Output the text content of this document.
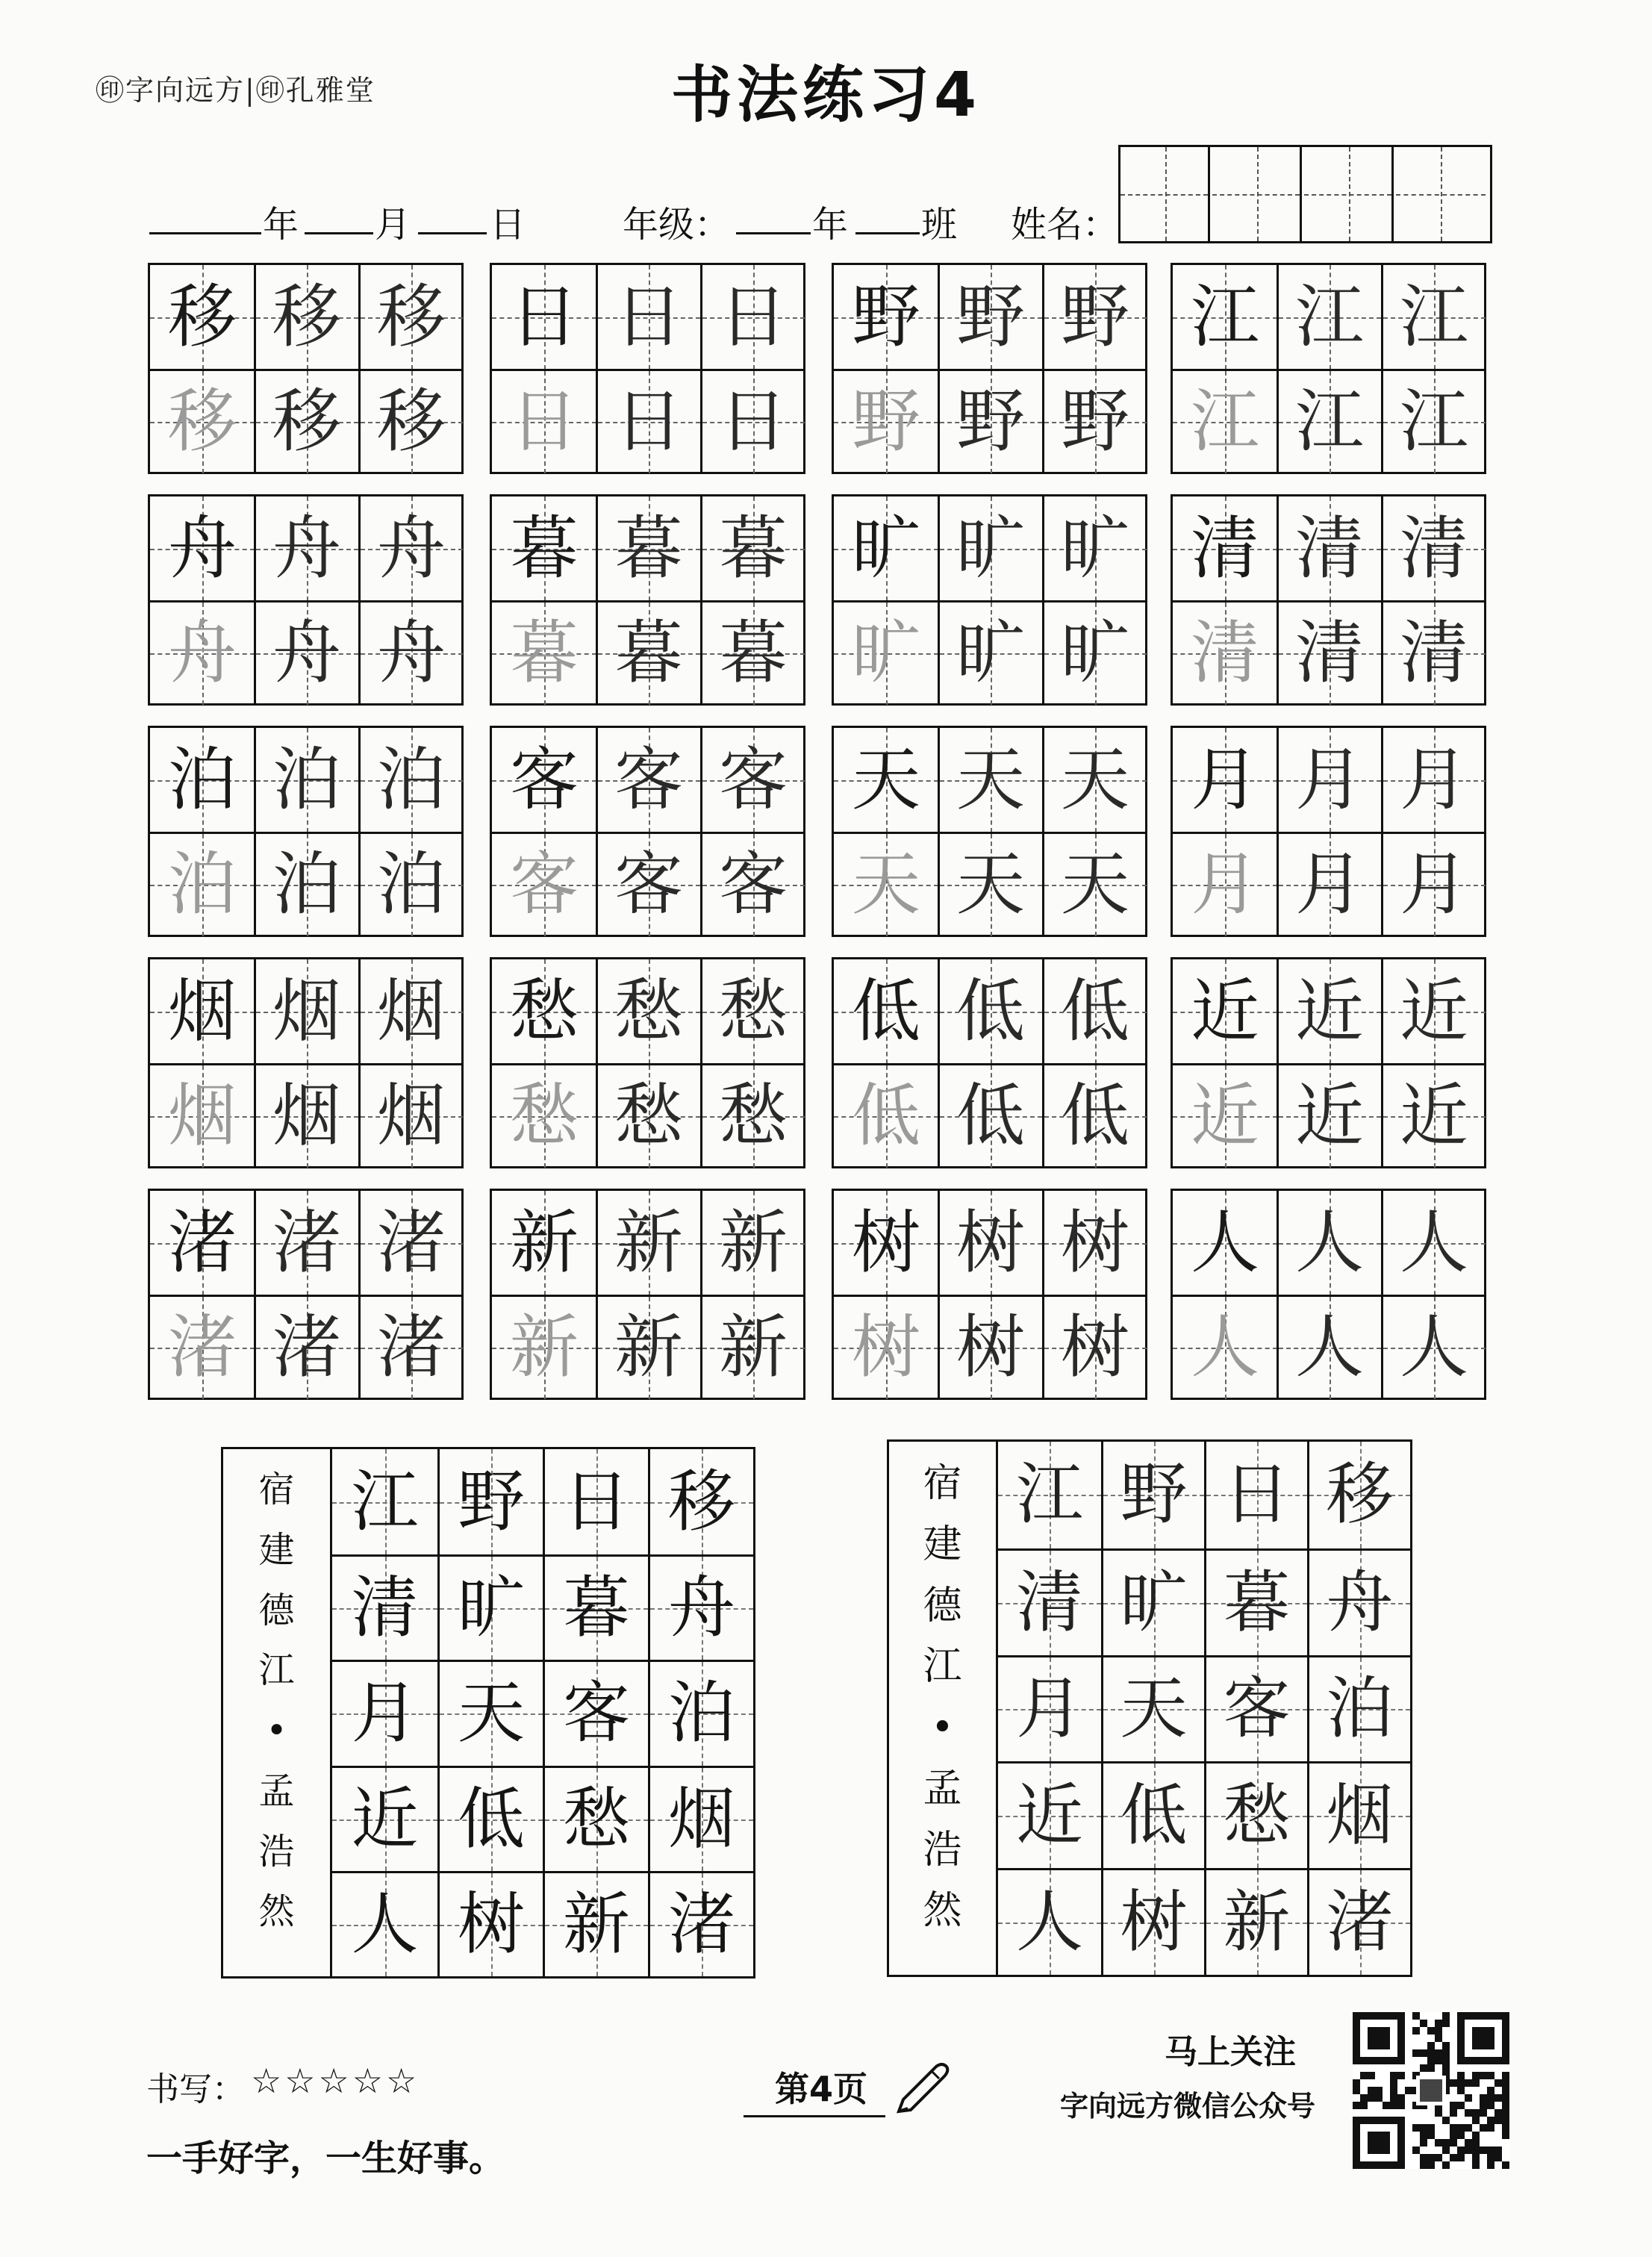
㊞字向远方|㊞孔雅堂	书法练习4
年 月 日	年级： 年 班 姓名：
移 移 移
移 移 移
日 日 日
日 日 日
野 野 野
野 野 野
江 江 江
江 江 江
舟 舟 舟
舟 舟 舟
暮 暮 暮
暮 暮 暮
旷 旷 旷
旷 旷 旷
清 清 清
清 清 清
泊 泊 泊
泊 泊 泊
客 客 客
客 客 客
天 天 天
天 天 天
月 月 月
月 月 月
烟 烟 烟
烟 烟 烟
愁 愁 愁
愁 愁 愁
低 低 低
低 低 低
近 近 近
近 近 近
渚 渚 渚
渚 渚 渚
新 新 新
新 新 新
树 树 树
树 树 树
人 人 人
人 人 人
宿
建
德
江
•
孟
浩
然
江
清
月
近
人
野
旷
天
低
树
日
暮
客
愁
新
移
舟
泊
烟
渚
宿
建
德
江
•
孟
浩
然
江
清
月
近
人
野
旷
天
低
树
日
暮
客
愁
新
移
舟
泊
烟
渚
书写： ☆☆☆☆☆
一手好字，一生好事。
第4页
马上关注
字向远方微信公众号
